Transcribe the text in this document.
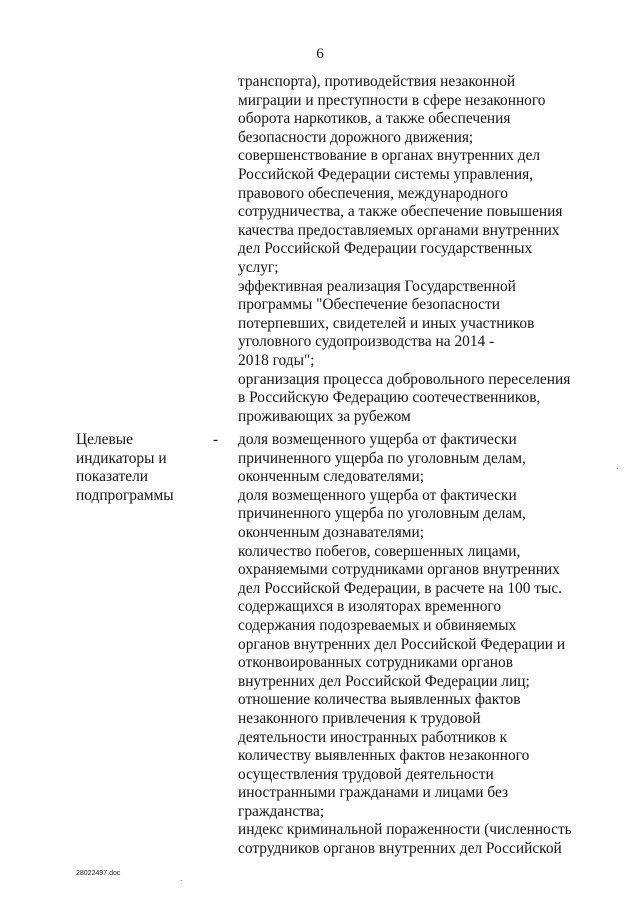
6
транспорта), противодействия незаконной
миграции и преступности в сфере незаконного
оборота наркотиков, а также обеспечения
безопасности дорожного движения;
совершенствование в органах внутренних дел
Российской Федерации системы управления,
правового обеспечения, международного
сотрудничества, а также обеспечение повышения
качества предоставляемых органами внутренних
дел Российской Федерации государственных
услуг;
эффективная реализация Государственной
программы "Обеспечение безопасности
потерпевших, свидетелей и иных участников
уголовного судопроизводства на 2014 -
2018 годы";
организация процесса добровольного переселения
в Российскую Федерацию соотечественников,
проживающих за рубежом
Целевые
индикаторы и
показатели
подпрограммы
- доля возмещенного ущерба от фактически
причиненного ущерба по уголовным делам,
оконченным следователями;
доля возмещенного ущерба от фактически
причиненного ущерба по уголовным делам,
оконченным дознавателями;
количество побегов, совершенных лицами,
охраняемыми сотрудниками органов внутренних
дел Российской Федерации, в расчете на 100 тыс.
содержащихся в изоляторах временного
содержания подозреваемых и обвиняемых
органов внутренних дел Российской Федерации и
отконвоированных сотрудниками органов
внутренних дел Российской Федерации лиц;
отношение количества выявленных фактов
незаконного привлечения к трудовой
деятельности иностранных работников к
количеству выявленных фактов незаконного
осуществления трудовой деятельности
иностранными гражданами и лицами без
гражданства;
индекс криминальной пораженности (численность
сотрудников органов внутренних дел Российской
28022497.doc
